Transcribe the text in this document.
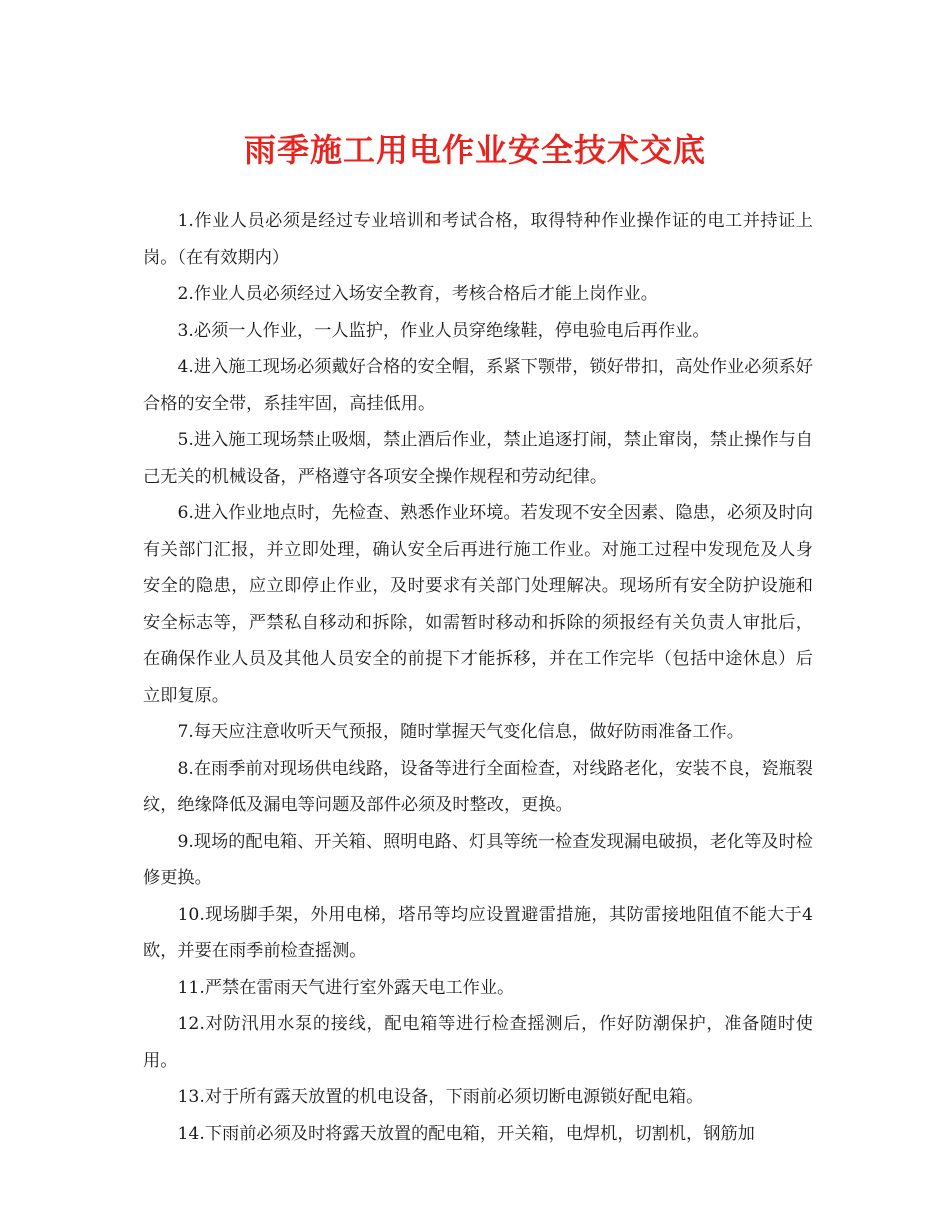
雨季施工用电作业安全技术交底

1.作业人员必须是经过专业培训和考试合格，取得特种作业操作证的电工并持证上岗。（在有效期内）

2.作业人员必须经过入场安全教育，考核合格后才能上岗作业。

3.必须一人作业，一人监护，作业人员穿绝缘鞋，停电验电后再作业。

4.进入施工现场必须戴好合格的安全帽，系紧下颚带，锁好带扣，高处作业必须系好合格的安全带，系挂牢固，高挂低用。

5.进入施工现场禁止吸烟，禁止酒后作业，禁止追逐打闹，禁止窜岗，禁止操作与自己无关的机械设备，严格遵守各项安全操作规程和劳动纪律。

6.进入作业地点时，先检查、熟悉作业环境。若发现不安全因素、隐患，必须及时向有关部门汇报，并立即处理，确认安全后再进行施工作业。对施工过程中发现危及人身安全的隐患，应立即停止作业，及时要求有关部门处理解决。现场所有安全防护设施和安全标志等，严禁私自移动和拆除，如需暂时移动和拆除的须报经有关负责人审批后，在确保作业人员及其他人员安全的前提下才能拆移，并在工作完毕（包括中途休息）后立即复原。

7.每天应注意收听天气预报，随时掌握天气变化信息，做好防雨准备工作。

8.在雨季前对现场供电线路，设备等进行全面检查，对线路老化，安装不良，瓷瓶裂纹，绝缘降低及漏电等问题及部件必须及时整改，更换。

9.现场的配电箱、开关箱、照明电路、灯具等统一检查发现漏电破损，老化等及时检修更换。

10.现场脚手架，外用电梯，塔吊等均应设置避雷措施，其防雷接地阻值不能大于4欧，并要在雨季前检查摇测。

11.严禁在雷雨天气进行室外露天电工作业。

12.对防汛用水泵的接线，配电箱等进行检查摇测后，作好防潮保护，准备随时使用。

13.对于所有露天放置的机电设备，下雨前必须切断电源锁好配电箱。

14.下雨前必须及时将露天放置的配电箱，开关箱，电焊机，切割机，钢筋加
